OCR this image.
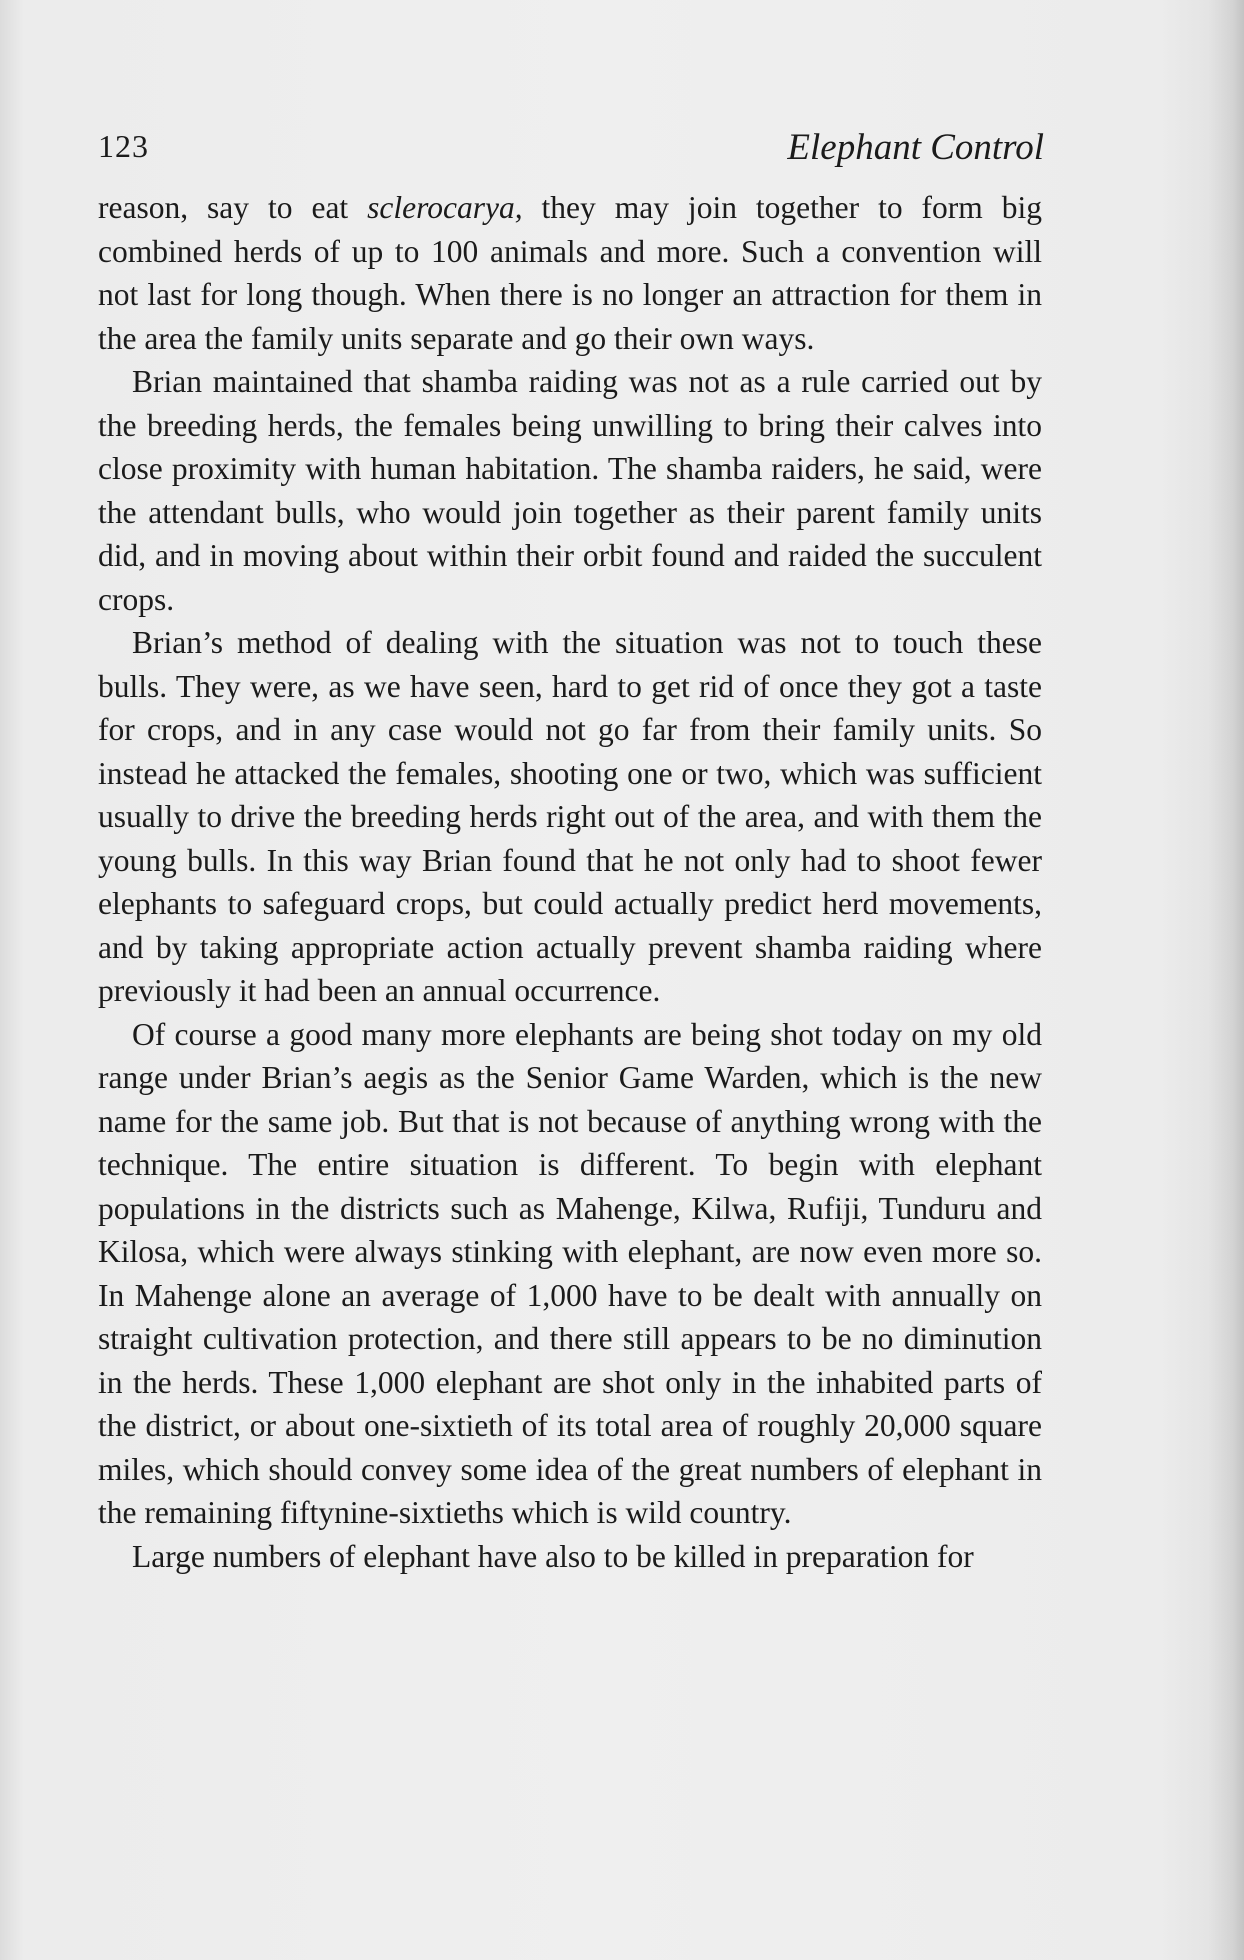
123	Elephant Control

reason, say to eat sclerocarya, they may join together to form big combined herds of up to 100 animals and more. Such a convention will not last for long though. When there is no longer an attraction for them in the area the family units separate and go their own ways.

Brian maintained that shamba raiding was not as a rule carried out by the breeding herds, the females being unwilling to bring their calves into close proximity with human habitation. The shamba raiders, he said, were the attendant bulls, who would join together as their parent family units did, and in moving about within their orbit found and raided the succulent crops.

Brian’s method of dealing with the situation was not to touch these bulls. They were, as we have seen, hard to get rid of once they got a taste for crops, and in any case would not go far from their family units. So instead he attacked the females, shooting one or two, which was sufficient usually to drive the breeding herds right out of the area, and with them the young bulls. In this way Brian found that he not only had to shoot fewer elephants to safeguard crops, but could actually predict herd movements, and by taking appropriate action actually prevent shamba raiding where previously it had been an annual occurrence.

Of course a good many more elephants are being shot today on my old range under Brian’s aegis as the Senior Game Warden, which is the new name for the same job. But that is not because of anything wrong with the technique. The entire situation is different. To begin with elephant populations in the districts such as Mahenge, Kilwa, Rufiji, Tunduru and Kilosa, which were always stinking with elephant, are now even more so. In Mahenge alone an average of 1,000 have to be dealt with annually on straight cultivation protection, and there still appears to be no diminution in the herds. These 1,000 elephant are shot only in the inhabited parts of the district, or about one-sixtieth of its total area of roughly 20,000 square miles, which should convey some idea of the great numbers of elephant in the remaining fiftynine-sixtieths which is wild country.

Large numbers of elephant have also to be killed in preparation for
